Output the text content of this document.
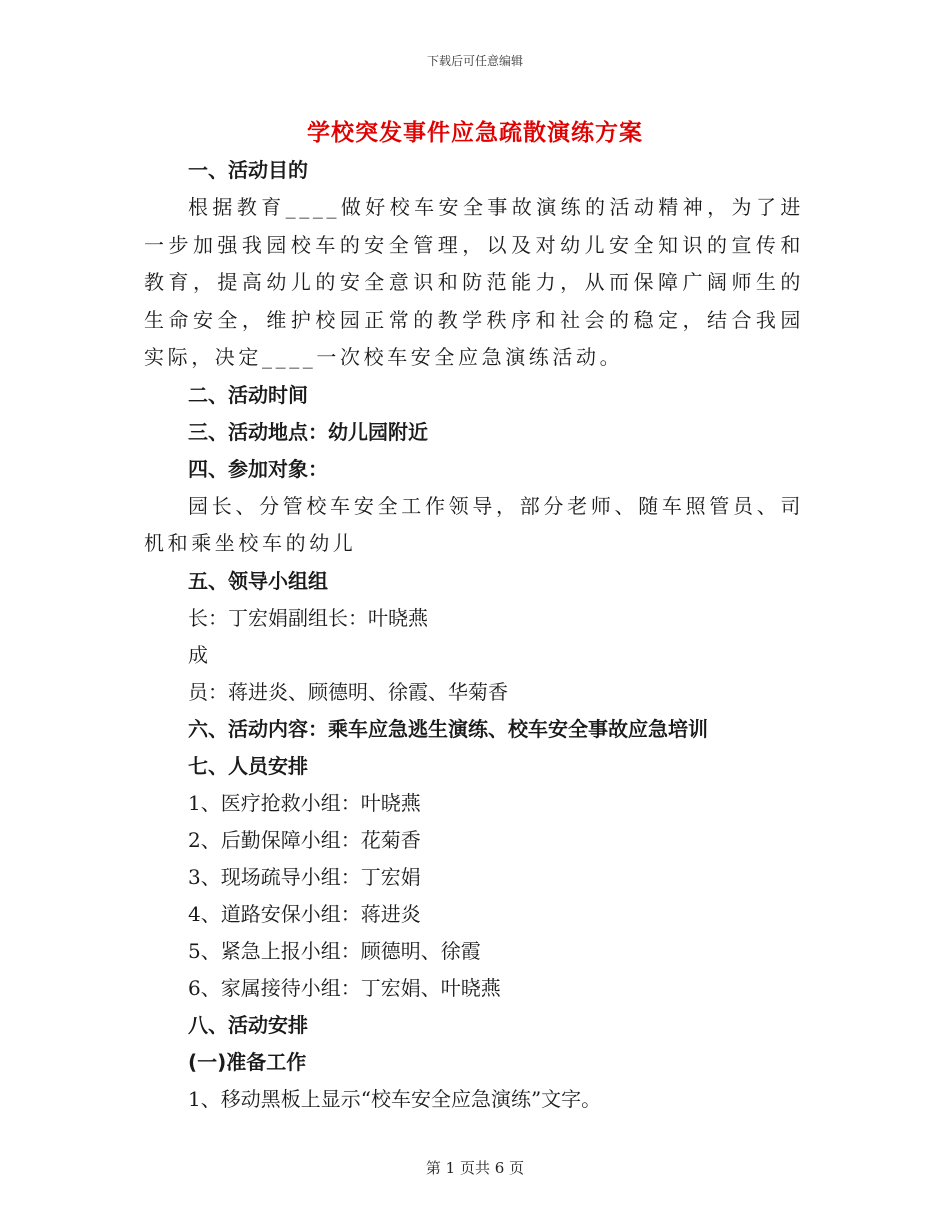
下载后可任意编辑
学校突发事件应急疏散演练方案
一、活动目的

根据教育____做好校车安全事故演练的活动精神，为了进一步加强我园校车的安全管理，以及对幼儿安全知识的宣传和教育，提高幼儿的安全意识和防范能力，从而保障广阔师生的生命安全，维护校园正常的教学秩序和社会的稳定，结合我园实际，决定____一次校车安全应急演练活动。

二、活动时间
三、活动地点：幼儿园附近
四、参加对象：

园长、分管校车安全工作领导，部分老师、随车照管员、司机和乘坐校车的幼儿

五、领导小组组
长：丁宏娟副组长：叶晓燕
成
员：蒋进炎、顾德明、徐霞、华菊香
六、活动内容：乘车应急逃生演练、校车安全事故应急培训
七、人员安排
1、医疗抢救小组：叶晓燕
2、后勤保障小组：花菊香
3、现场疏导小组：丁宏娟
4、道路安保小组：蒋进炎
5、紧急上报小组：顾德明、徐霞
6、家属接待小组：丁宏娟、叶晓燕
八、活动安排
(一)准备工作
1、移动黑板上显示“校车安全应急演练”文字。
第 1 页共 6 页
